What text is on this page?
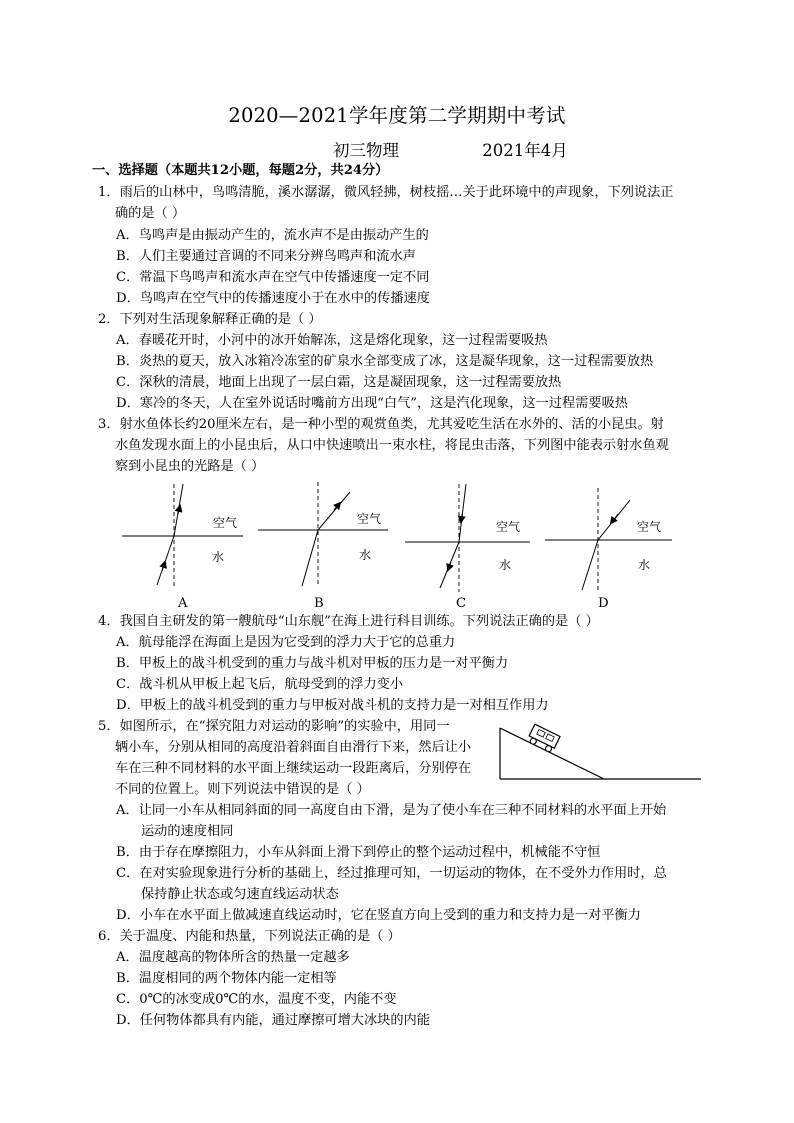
2020—2021学年度第二学期期中考试
初三物理	2021年4月
一、选择题（本题共12小题，每题2分，共24分）
1．雨后的山林中，鸟鸣清脆，溪水潺潺，微风轻拂，树枝摇…关于此环境中的声现象，下列说法正
确的是（ ）
A．鸟鸣声是由振动产生的，流水声不是由振动产生的
B．人们主要通过音调的不同来分辨鸟鸣声和流水声
C．常温下鸟鸣声和流水声在空气中传播速度一定不同
D．鸟鸣声在空气中的传播速度小于在水中的传播速度
2．下列对生活现象解释正确的是（ ）
A．春暖花开时，小河中的冰开始解冻，这是熔化现象，这一过程需要吸热
B．炎热的夏天，放入冰箱冷冻室的矿泉水全部变成了冰，这是凝华现象，这一过程需要放热
C．深秋的清晨，地面上出现了一层白霜，这是凝固现象，这一过程需要放热
D．寒冷的冬天，人在室外说话时嘴前方出现“白气”，这是汽化现象，这一过程需要吸热
3．射水鱼体长约20厘米左右，是一种小型的观赏鱼类，尤其爱吃生活在水外的、活的小昆虫。射
水鱼发现水面上的小昆虫后，从口中快速喷出一束水柱，将昆虫击落，下列图中能表示射水鱼观
察到小昆虫的光路是（ ）
空气
水
空气
水
空气
水
空气
水
A	B	C	D
4．我国自主研发的第一艘航母“山东舰”在海上进行科目训练。下列说法正确的是（ ）
A．航母能浮在海面上是因为它受到的浮力大于它的总重力
B．甲板上的战斗机受到的重力与战斗机对甲板的压力是一对平衡力
C．战斗机从甲板上起飞后，航母受到的浮力变小
D．甲板上的战斗机受到的重力与甲板对战斗机的支持力是一对相互作用力
5．如图所示，在“探究阻力对运动的影响”的实验中，用同一
辆小车，分别从相同的高度沿着斜面自由滑行下来，然后让小
车在三种不同材料的水平面上继续运动一段距离后，分别停在
不同的位置上。则下列说法中错误的是（ ）
A．让同一小车从相同斜面的同一高度自由下滑，是为了使小车在三种不同材料的水平面上开始
运动的速度相同
B．由于存在摩擦阻力，小车从斜面上滑下到停止的整个运动过程中，机械能不守恒
C．在对实验现象进行分析的基础上，经过推理可知，一切运动的物体，在不受外力作用时，总
保持静止状态或匀速直线运动状态
D．小车在水平面上做减速直线运动时，它在竖直方向上受到的重力和支持力是一对平衡力
6．关于温度、内能和热量，下列说法正确的是（ ）
A．温度越高的物体所含的热量一定越多
B．温度相同的两个物体内能一定相等
C．0℃的冰变成0℃的水，温度不变，内能不变
D．任何物体都具有内能，通过摩擦可增大冰块的内能
